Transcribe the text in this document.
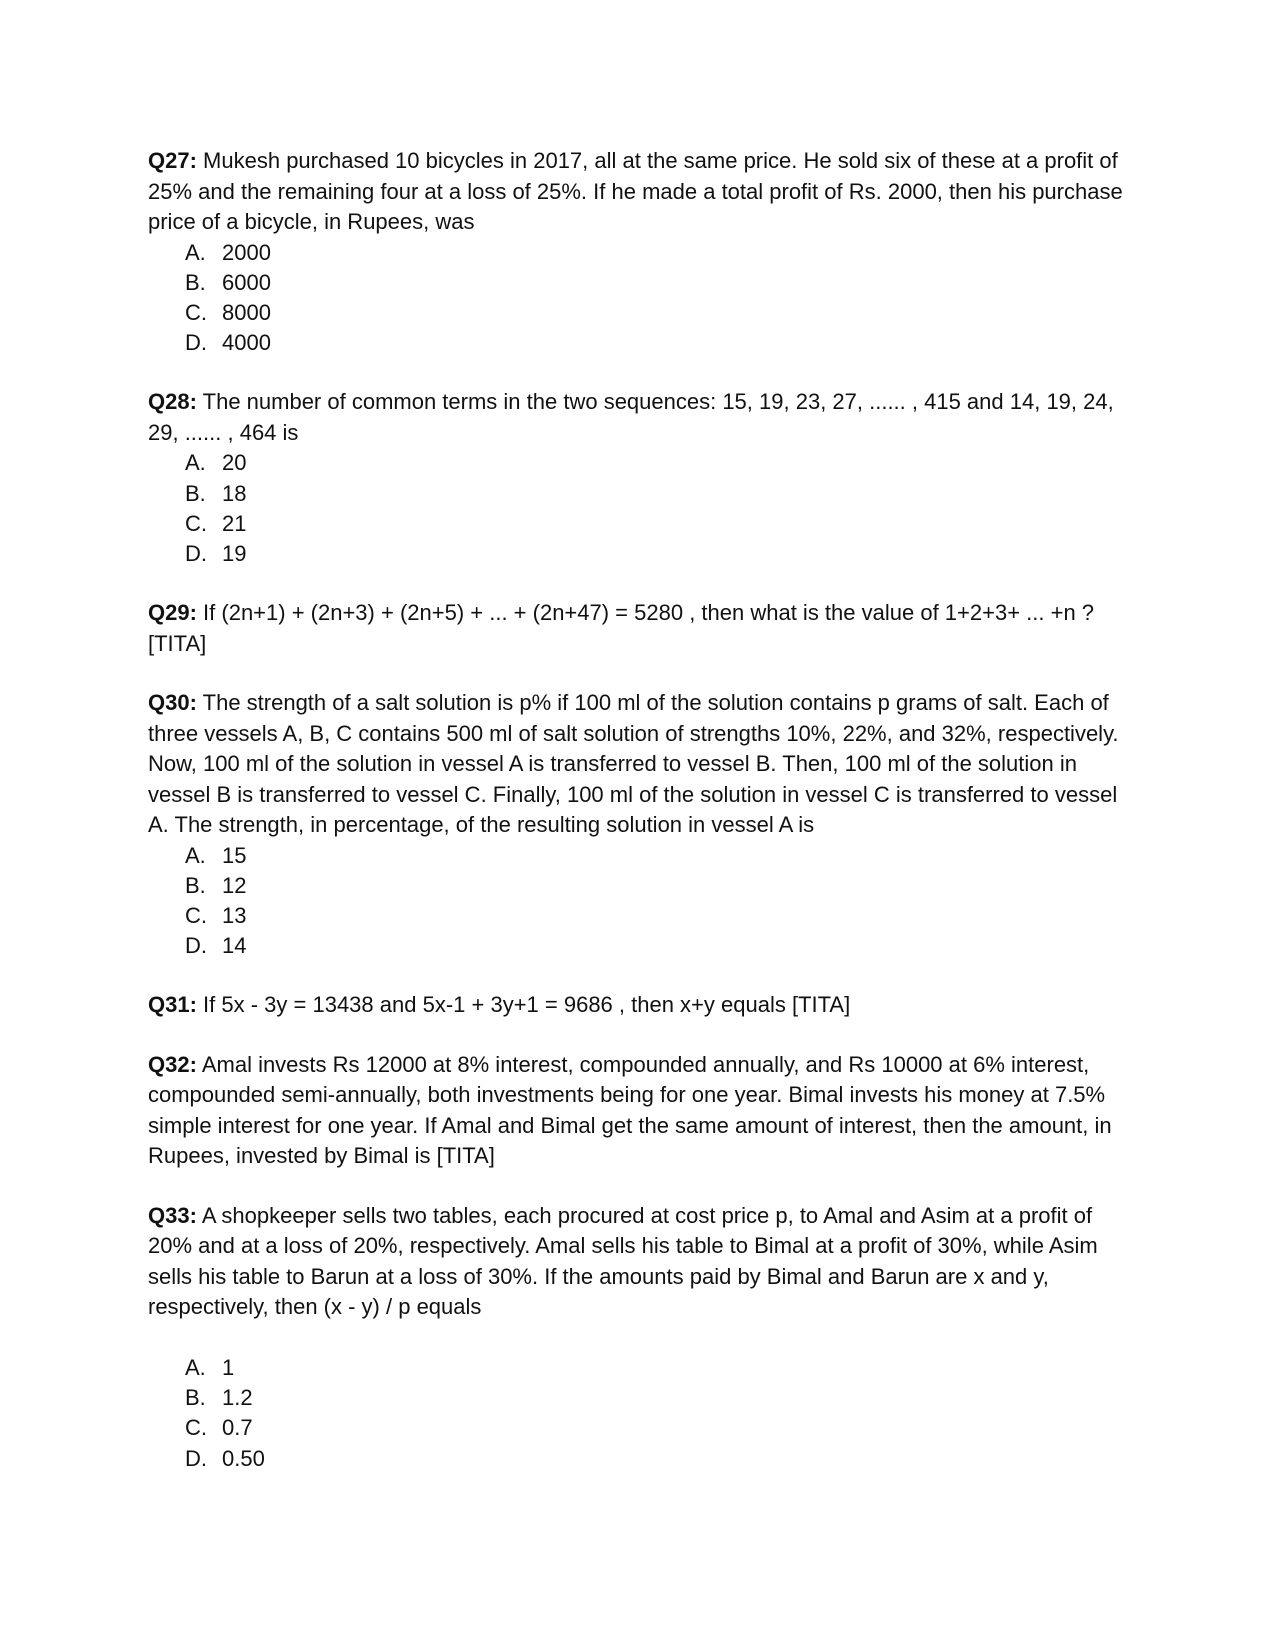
Q27: Mukesh purchased 10 bicycles in 2017, all at the same price. He sold six of these at a profit of 25% and the remaining four at a loss of 25%. If he made a total profit of Rs. 2000, then his purchase price of a bicycle, in Rupees, was
A. 2000
B. 6000
C. 8000
D. 4000
Q28: The number of common terms in the two sequences: 15, 19, 23, 27, ...... , 415 and 14, 19, 24, 29, ...... , 464 is
A. 20
B. 18
C. 21
D. 19
Q29: If (2n+1) + (2n+3) + (2n+5) + ... + (2n+47) = 5280 , then what is the value of 1+2+3+ ... +n ? [TITA]
Q30: The strength of a salt solution is p% if 100 ml of the solution contains p grams of salt. Each of three vessels A, B, C contains 500 ml of salt solution of strengths 10%, 22%, and 32%, respectively. Now, 100 ml of the solution in vessel A is transferred to vessel B. Then, 100 ml of the solution in vessel B is transferred to vessel C. Finally, 100 ml of the solution in vessel C is transferred to vessel A. The strength, in percentage, of the resulting solution in vessel A is
A. 15
B. 12
C. 13
D. 14
Q31: If 5x - 3y = 13438 and 5x-1 + 3y+1 = 9686 , then x+y equals [TITA]
Q32: Amal invests Rs 12000 at 8% interest, compounded annually, and Rs 10000 at 6% interest, compounded semi-annually, both investments being for one year. Bimal invests his money at 7.5% simple interest for one year. If Amal and Bimal get the same amount of interest, then the amount, in Rupees, invested by Bimal is [TITA]
Q33: A shopkeeper sells two tables, each procured at cost price p, to Amal and Asim at a profit of 20% and at a loss of 20%, respectively. Amal sells his table to Bimal at a profit of 30%, while Asim sells his table to Barun at a loss of 30%. If the amounts paid by Bimal and Barun are x and y, respectively, then (x - y) / p equals
A. 1
B. 1.2
C. 0.7
D. 0.50
